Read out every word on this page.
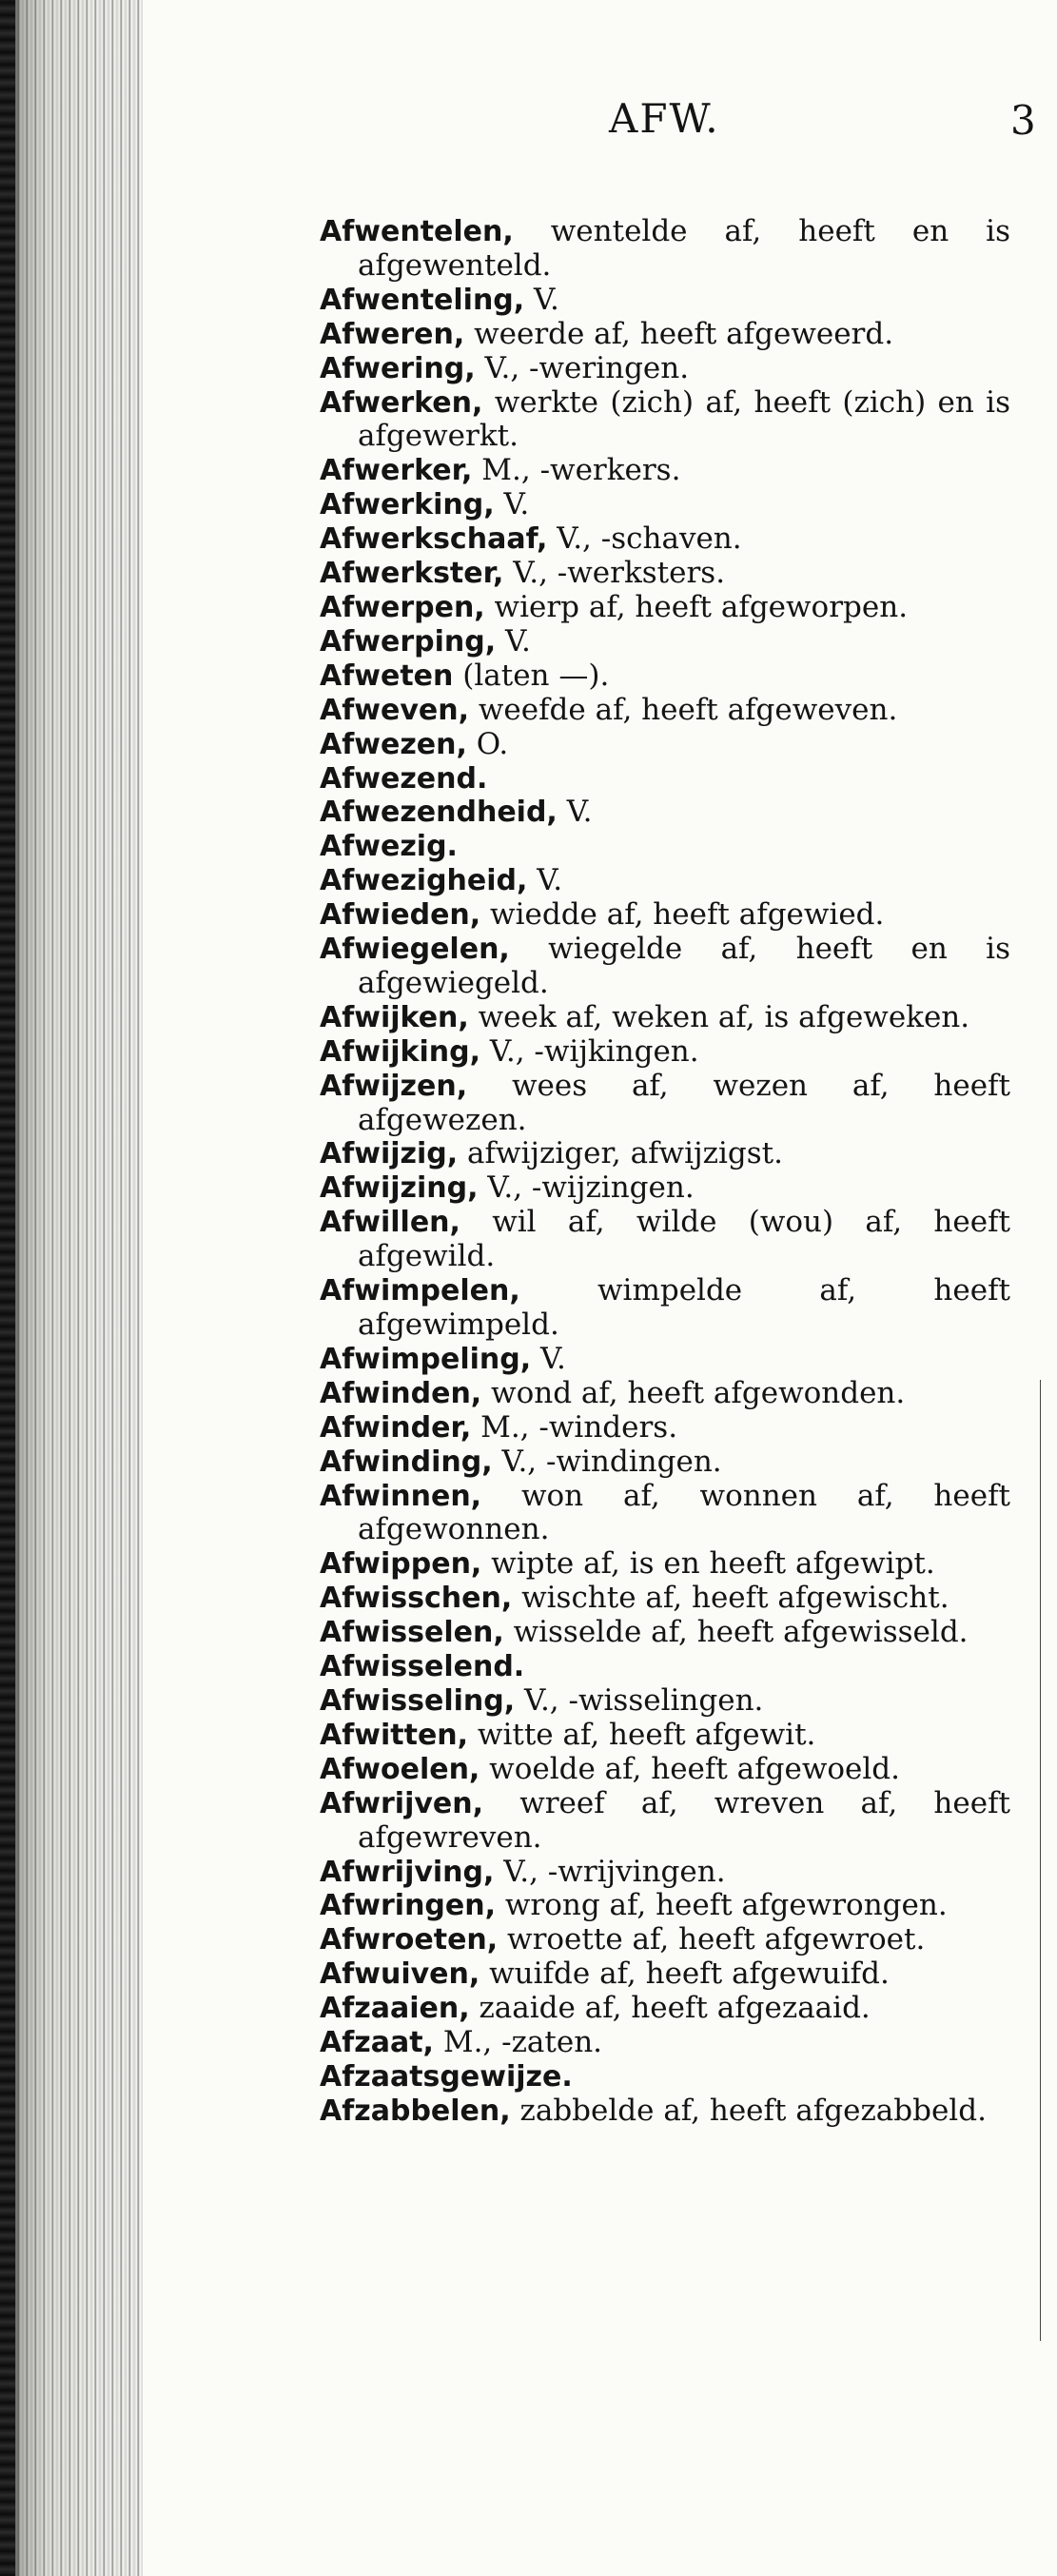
AFW.	3

Afwentelen, wentelde af, heeft en is afgewenteld.

Afwenteling, V.

Afweren, weerde af, heeft afgeweerd.

Afwering, V., -weringen.

Afwerken, werkte (zich) af, heeft (zich) en is afgewerkt.

Afwerker, M., -werkers.

Afwerking, V.

Afwerkschaaf, V., -schaven.

Afwerkster, V., -werksters.

Afwerpen, wierp af, heeft afgeworpen.

Afwerping, V.

Afweten (laten —).

Afweven, weefde af, heeft afgeweven.

Afwezen, O.

Afwezend.

Afwezendheid, V.

Afwezig.

Afwezigheid, V.

Afwieden, wiedde af, heeft afgewied.

Afwiegelen, wiegelde af, heeft en is afgewiegeld.

Afwijken, week af, weken af, is afgeweken.

Afwijking, V., -wijkingen.

Afwijzen, wees af, wezen af, heeft afgewezen.

Afwijzig, afwijziger, afwijzigst.

Afwijzing, V., -wijzingen.

Afwillen, wil af, wilde (wou) af, heeft afgewild.

Afwimpelen, wimpelde af, heeft afgewimpeld.

Afwimpeling, V.

Afwinden, wond af, heeft afgewonden.

Afwinder, M., -winders.

Afwinding, V., -windingen.

Afwinnen, won af, wonnen af, heeft afgewonnen.

Afwippen, wipte af, is en heeft afgewipt.

Afwisschen, wischte af, heeft afgewischt.

Afwisselen, wisselde af, heeft afgewisseld.

Afwisselend.

Afwisseling, V., -wisselingen.

Afwitten, witte af, heeft afgewit.

Afwoelen, woelde af, heeft afgewoeld.

Afwrijven, wreef af, wreven af, heeft afgewreven.

Afwrijving, V., -wrijvingen.

Afwringen, wrong af, heeft afgewrongen.

Afwroeten, wroette af, heeft afgewroet.

Afwuiven, wuifde af, heeft afgewuifd.

Afzaaien, zaaide af, heeft afgezaaid.

Afzaat, M., -zaten.

Afzaatsgewijze.

Afzabbelen, zabbelde af, heeft afgezabbeld.
